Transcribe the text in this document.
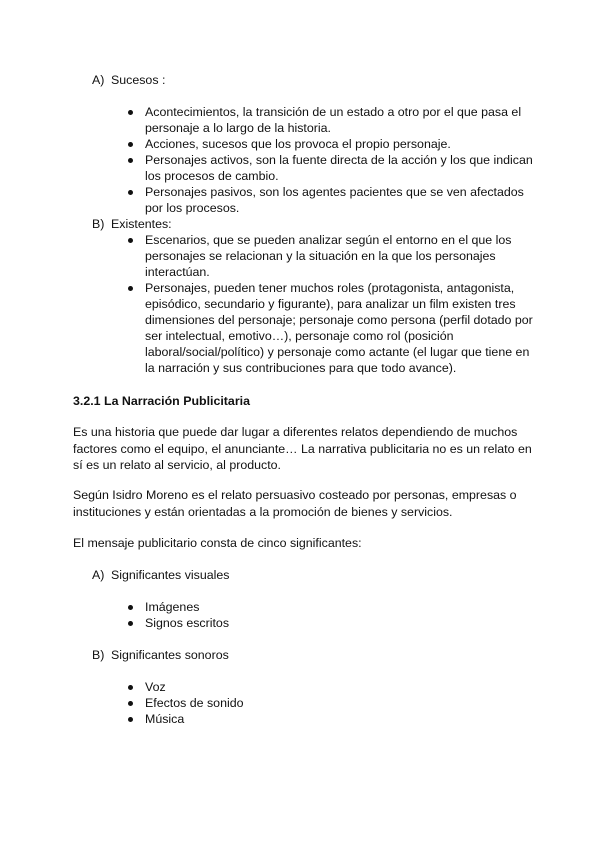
A) Sucesos :
Acontecimientos, la transición de un estado a otro por el que pasa el personaje a lo largo de la historia.
Acciones, sucesos que los provoca el propio personaje.
Personajes activos, son la fuente directa de la acción y los que indican los procesos de cambio.
Personajes pasivos, son los agentes pacientes que se ven afectados por los procesos.
B) Existentes:
Escenarios, que se pueden analizar según el entorno en el que los personajes se relacionan y la situación en la que los personajes interactúan.
Personajes, pueden tener muchos roles (protagonista, antagonista, episódico, secundario y figurante), para analizar un film existen tres dimensiones del personaje; personaje como persona (perfil dotado por ser intelectual, emotivo…), personaje como rol (posición laboral/social/político) y personaje como actante (el lugar que tiene en la narración y sus contribuciones para que todo avance).
3.2.1 La Narración Publicitaria
Es una historia que puede dar lugar a diferentes relatos dependiendo de muchos factores como el equipo, el anunciante… La narrativa publicitaria no es un relato en sí es un relato al servicio, al producto.
Según Isidro Moreno es el relato persuasivo costeado por personas, empresas o instituciones y están orientadas a la promoción de bienes y servicios.
El mensaje publicitario consta de cinco significantes:
A) Significantes visuales
Imágenes
Signos escritos
B) Significantes sonoros
Voz
Efectos de sonido
Música
